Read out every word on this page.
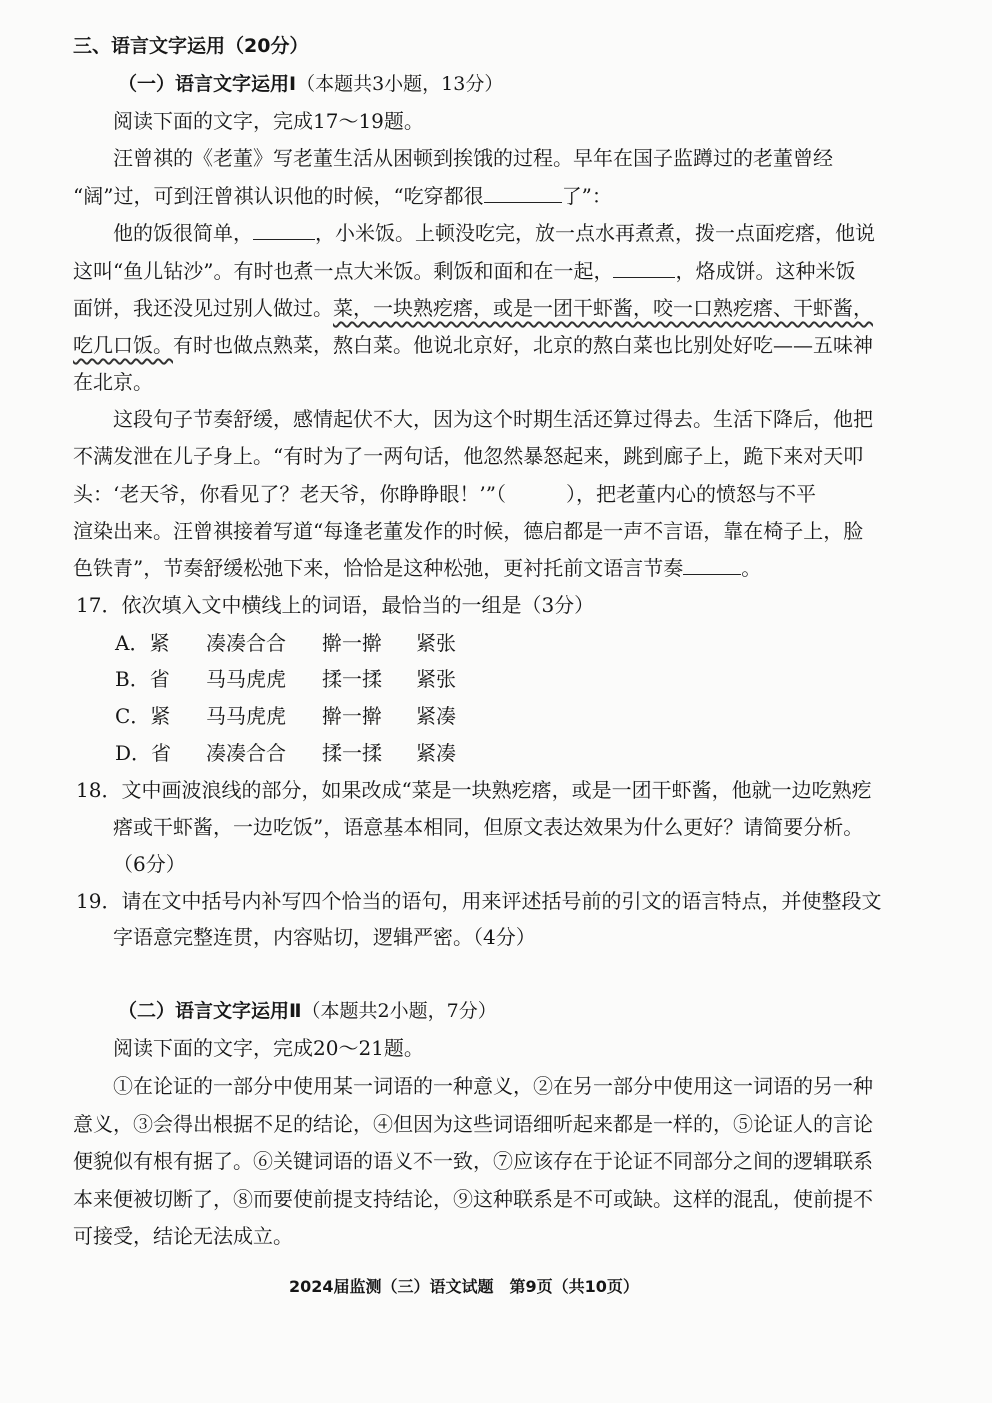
三、语言文字运用（20分）
（一）语言文字运用Ⅰ（本题共3小题，13分）
阅读下面的文字，完成17～19题。
汪曾祺的《老董》写老董生活从困顿到挨饿的过程。早年在国子监蹲过的老董曾经
“阔”过，可到汪曾祺认识他的时候，“吃穿都很	了”：
他的饭很简单，	，小米饭。上顿没吃完，放一点水再煮煮，拨一点面疙瘩，他说
这叫“鱼儿钻沙”。有时也煮一点大米饭。剩饭和面和在一起，	，烙成饼。这种米饭
面饼，我还没见过别人做过。菜，一块熟疙瘩，或是一团干虾酱，咬一口熟疙瘩、干虾酱，
吃几口饭。有时也做点熟菜，熬白菜。他说北京好，北京的熬白菜也比别处好吃——五味神
在北京。
这段句子节奏舒缓，感情起伏不大，因为这个时期生活还算过得去。生活下降后，他把
不满发泄在儿子身上。“有时为了一两句话，他忽然暴怒起来，跳到廊子上，跪下来对天叩
头：‘老天爷，你看见了？老天爷，你睁睁眼！’”（　　　），把老董内心的愤怒与不平
渲染出来。汪曾祺接着写道“每逢老董发作的时候，德启都是一声不言语，靠在椅子上，脸
色铁青”，节奏舒缓松弛下来，恰恰是这种松弛，更衬托前文语言节奏	。
17．依次填入文中横线上的词语，最恰当的一组是（3分）
A．紧 凑凑合合 擀一擀 紧张
B．省 马马虎虎 揉一揉 紧张
C．紧 马马虎虎 擀一擀 紧凑
D．省 凑凑合合 揉一揉 紧凑
18．文中画波浪线的部分，如果改成“菜是一块熟疙瘩，或是一团干虾酱，他就一边吃熟疙
瘩或干虾酱，一边吃饭”，语意基本相同，但原文表达效果为什么更好？请简要分析。
（6分）
19．请在文中括号内补写四个恰当的语句，用来评述括号前的引文的语言特点，并使整段文
字语意完整连贯，内容贴切，逻辑严密。（4分）
（二）语言文字运用Ⅱ（本题共2小题，7分）
阅读下面的文字，完成20～21题。
①在论证的一部分中使用某一词语的一种意义，②在另一部分中使用这一词语的另一种
意义，③会得出根据不足的结论，④但因为这些词语细听起来都是一样的，⑤论证人的言论
便貌似有根有据了。⑥关键词语的语义不一致，⑦应该存在于论证不同部分之间的逻辑联系
本来便被切断了，⑧而要使前提支持结论，⑨这种联系是不可或缺。这样的混乱，使前提不
可接受，结论无法成立。
2024届监测（三）语文试题　第9页（共10页）
